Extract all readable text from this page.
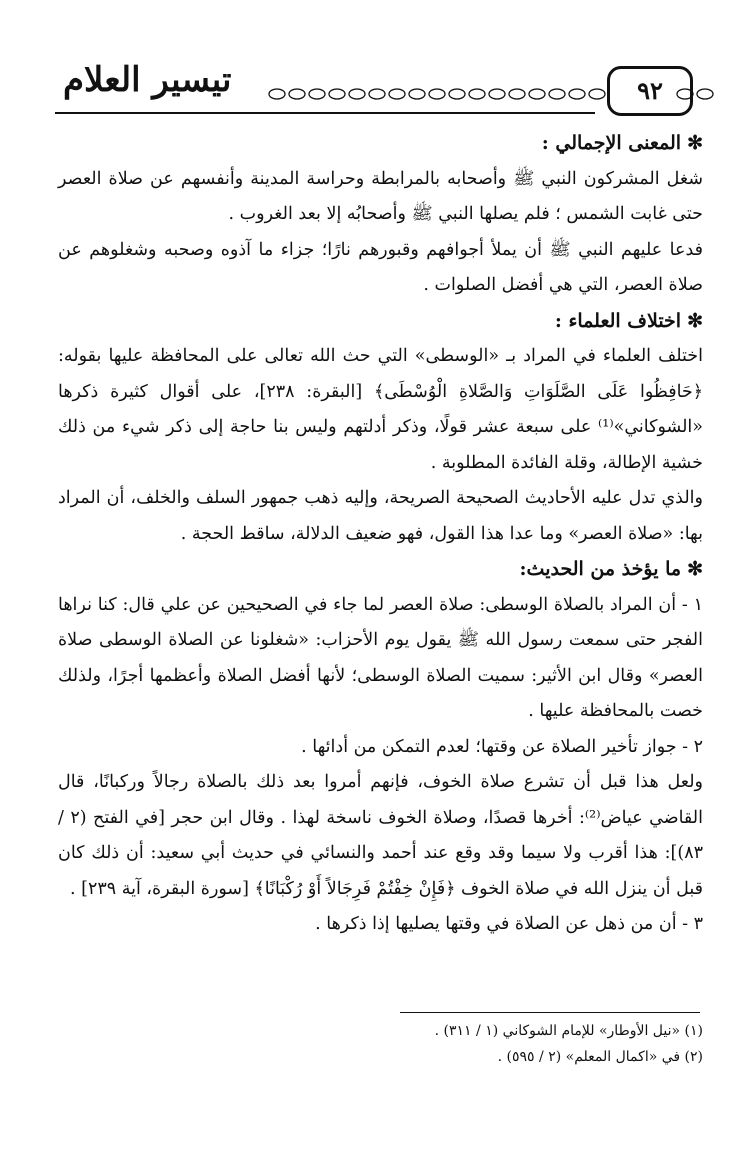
تيسير العلام	٩٢

✻المعنى الإجمالي :

شغل المشركون النبي ﷺ وأصحابه بالمرابطة وحراسة المدينة وأنفسهم عن صلاة العصر حتى غابت الشمس ؛ فلم يصلها النبي ﷺ وأصحابُه إلا بعد الغروب .

فدعا عليهم النبي ﷺ أن يملأ أجوافهم وقبورهم نارًا؛ جزاء ما آذوه وصحبه وشغلوهم عن صلاة العصر، التي هي أفضل الصلوات .

✻اختلاف العلماء :

اختلف العلماء في المراد بـ «الوسطى» التي حث الله تعالى على المحافظة عليها بقوله: ﴿حَافِظُوا عَلَى الصَّلَوَاتِ وَالصَّلاةِ الْوُسْطَى﴾ [البقرة: ٢٣٨]، على أقوال كثيرة ذكرها «الشوكاني»⁽¹⁾ على سبعة عشر قولًا، وذكر أدلتهم وليس بنا حاجة إلى ذكر شيء من ذلك خشية الإطالة، وقلة الفائدة المطلوبة .

والذي تدل عليه الأحاديث الصحيحة الصريحة، وإليه ذهب جمهور السلف والخلف، أن المراد بها: «صلاة العصر» وما عدا هذا القول، فهو ضعيف الدلالة، ساقط الحجة .

✻ما يؤخذ من الحديث:

١ - أن المراد بالصلاة الوسطى: صلاة العصر لما جاء في الصحيحين عن علي قال: كنا نراها الفجر حتى سمعت رسول الله ﷺ يقول يوم الأحزاب: «شغلونا عن الصلاة الوسطى صلاة العصر» وقال ابن الأثير: سميت الصلاة الوسطى؛ لأنها أفضل الصلاة وأعظمها أجرًا، ولذلك خصت بالمحافظة عليها .

٢ - جواز تأخير الصلاة عن وقتها؛ لعدم التمكن من أدائها .

ولعل هذا قبل أن تشرع صلاة الخوف، فإنهم أمروا بعد ذلك بالصلاة رجالاً وركبانًا، قال القاضي عياض⁽²⁾: أخرها قصدًا، وصلاة الخوف ناسخة لهذا . وقال ابن حجر [في الفتح (٢ / ٨٣)]: هذا أقرب ولا سيما وقد وقع عند أحمد والنسائي في حديث أبي سعيد: أن ذلك كان قبل أن ينزل الله في صلاة الخوف ﴿فَإِنْ خِفْتُمْ فَرِجَالاً أَوْ رُكْبَانًا﴾ [سورة البقرة، آية ٢٣٩] .

٣ - أن من ذهل عن الصلاة في وقتها يصليها إذا ذكرها .

(١) «نيل الأوطار» للإمام الشوكاني (١ / ٣١١) .

(٢) في «اكمال المعلم» (٢ / ٥٩٥) .
